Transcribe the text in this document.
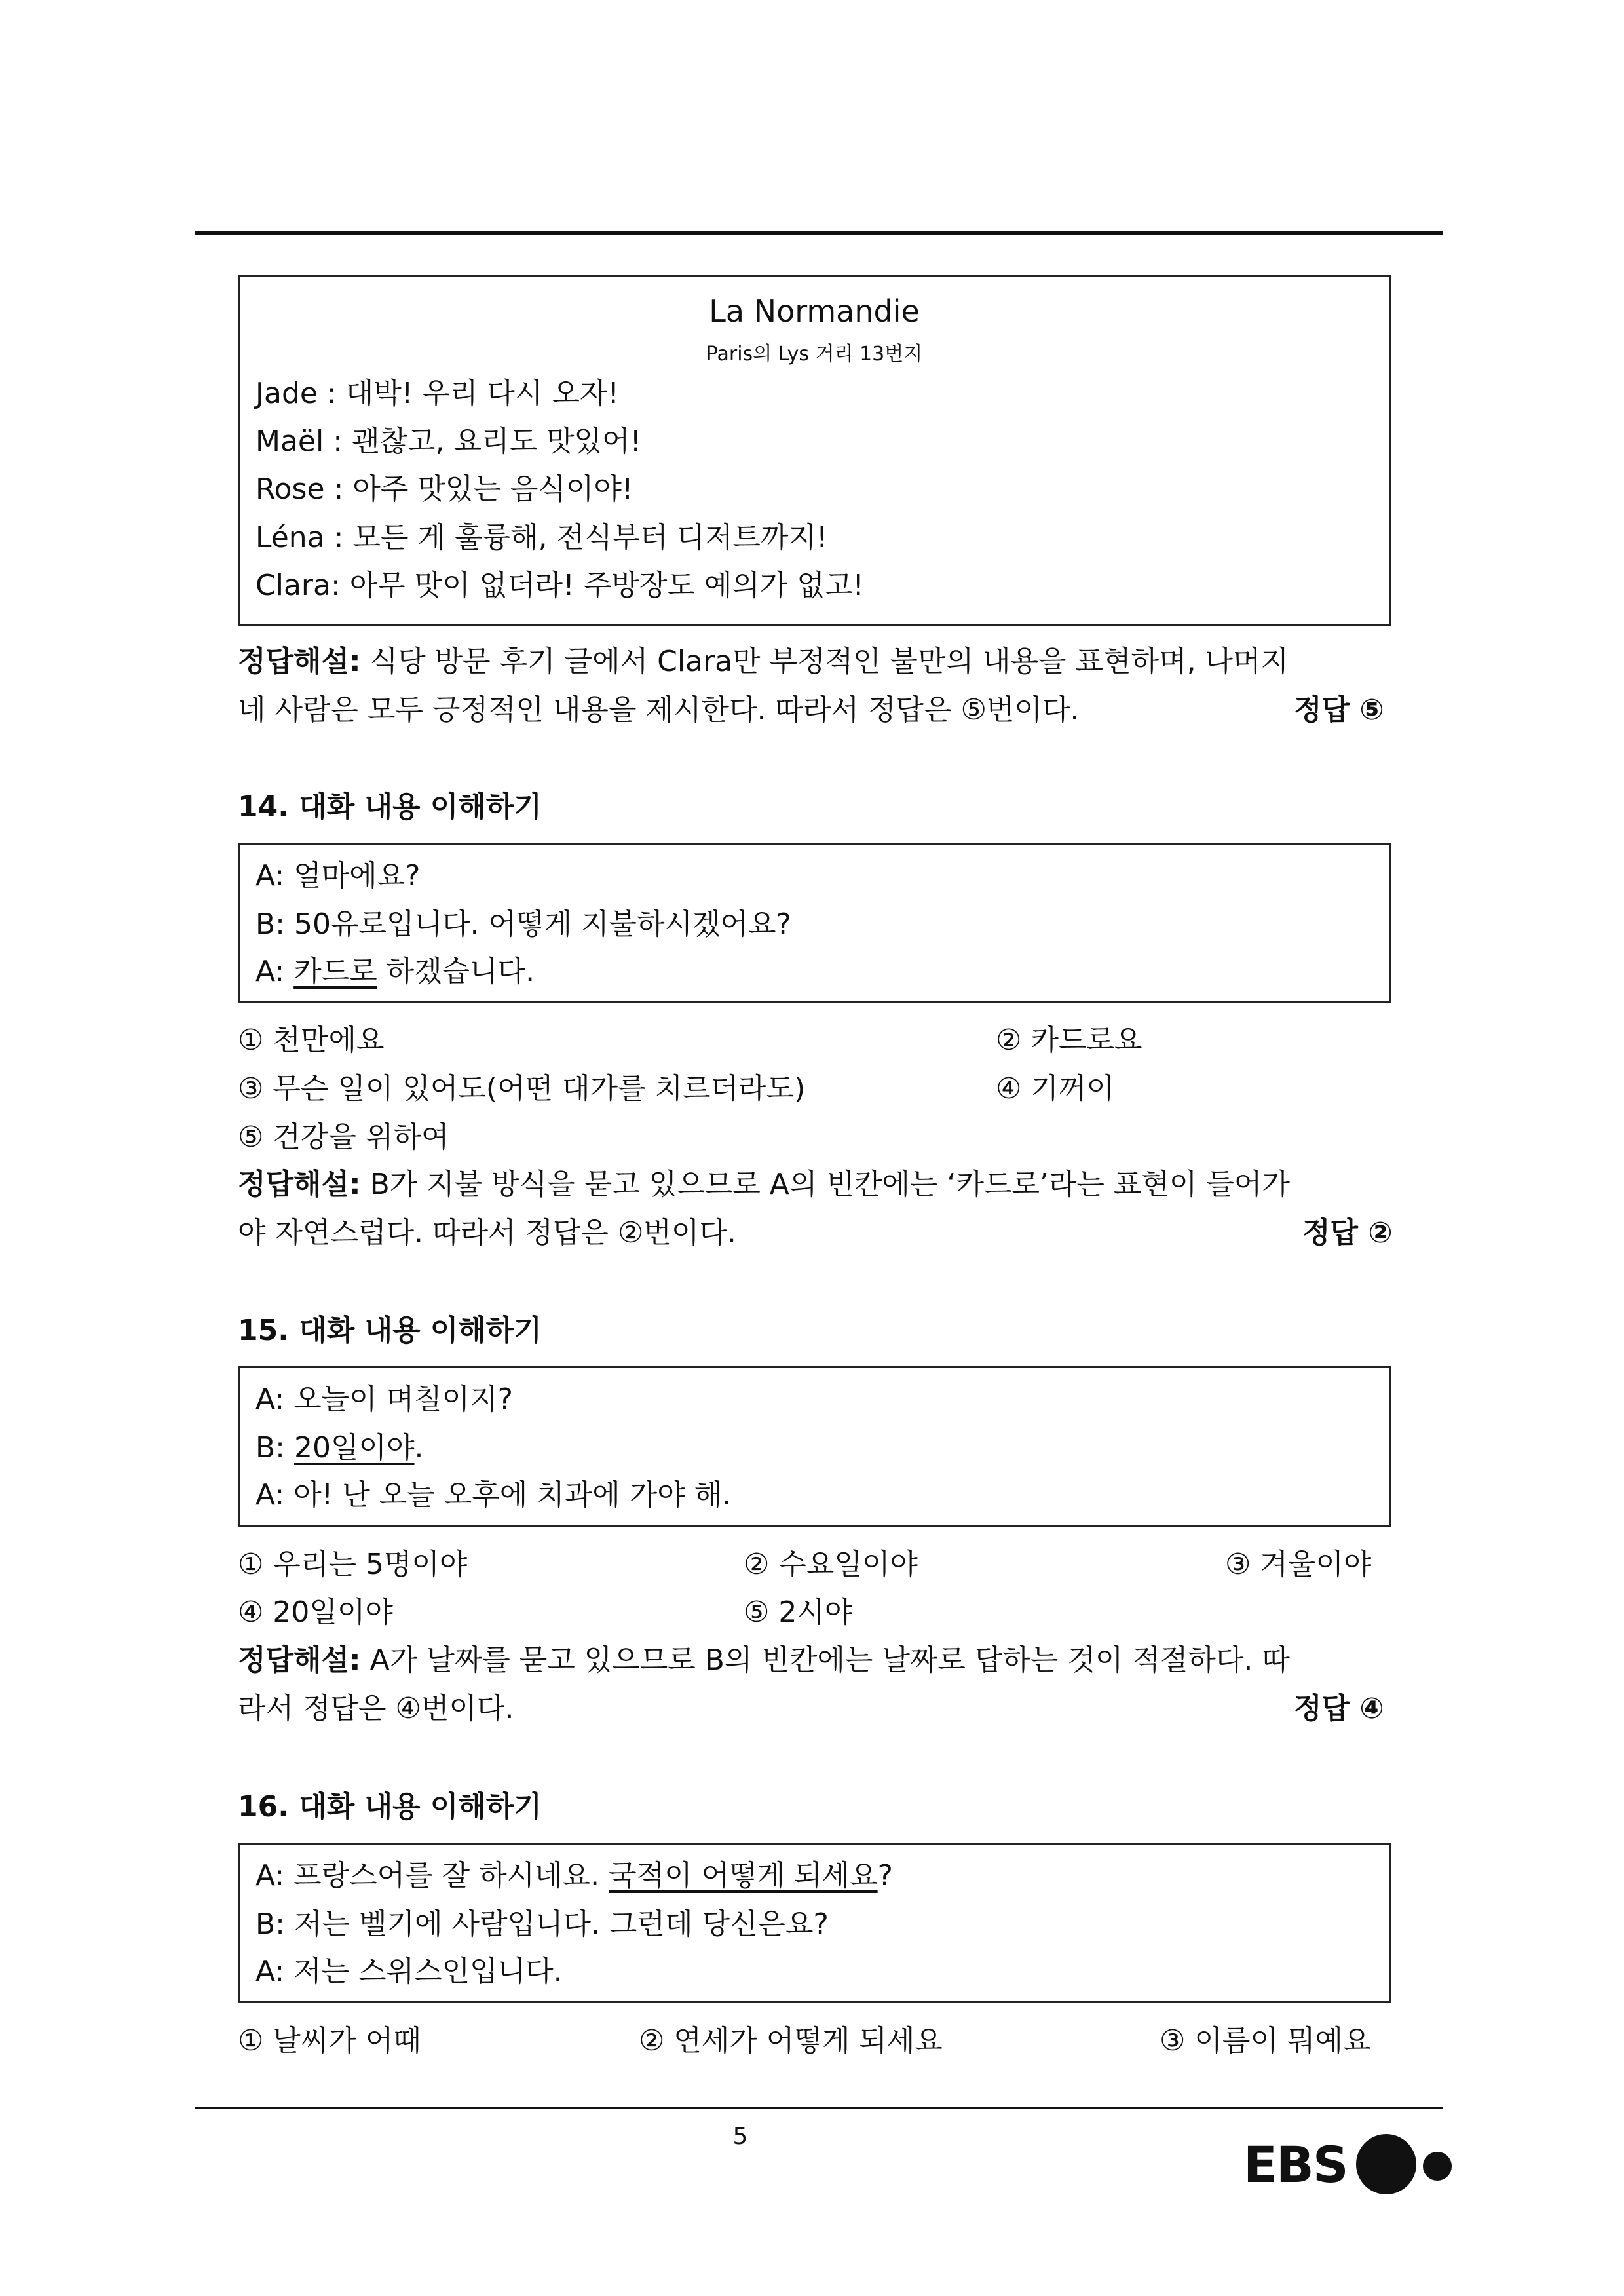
La Normandie
Paris의 Lys 거리 13번지
Jade : 대박! 우리 다시 오자!
Maël : 괜찮고, 요리도 맛있어!
Rose : 아주 맛있는 음식이야!
Léna : 모든 게 훌륭해, 전식부터 디저트까지!
Clara: 아무 맛이 없더라! 주방장도 예의가 없고!
정답해설: 식당 방문 후기 글에서 Clara만 부정적인 불만의 내용을 표현하며, 나머지
네 사람은 모두 긍정적인 내용을 제시한다. 따라서 정답은 ⑤번이다.	정답 ⑤
14. 대화 내용 이해하기
A: 얼마에요?
B: 50유로입니다. 어떻게 지불하시겠어요?
A: 카드로 하겠습니다.
① 천만에요	② 카드로요
③ 무슨 일이 있어도(어떤 대가를 치르더라도)	④ 기꺼이
⑤ 건강을 위하여
정답해설: B가 지불 방식을 묻고 있으므로 A의 빈칸에는 ‘카드로’라는 표현이 들어가
야 자연스럽다. 따라서 정답은 ②번이다.	정답 ②
15. 대화 내용 이해하기
A: 오늘이 며칠이지?
B: 20일이야.
A: 아! 난 오늘 오후에 치과에 가야 해.
① 우리는 5명이야	② 수요일이야	③ 겨울이야
④ 20일이야	⑤ 2시야
정답해설: A가 날짜를 묻고 있으므로 B의 빈칸에는 날짜로 답하는 것이 적절하다. 따
라서 정답은 ④번이다.	정답 ④
16. 대화 내용 이해하기
A: 프랑스어를 잘 하시네요. 국적이 어떻게 되세요?
B: 저는 벨기에 사람입니다. 그런데 당신은요?
A: 저는 스위스인입니다.
① 날씨가 어때	② 연세가 어떻게 되세요	③ 이름이 뭐예요
5	EBS
